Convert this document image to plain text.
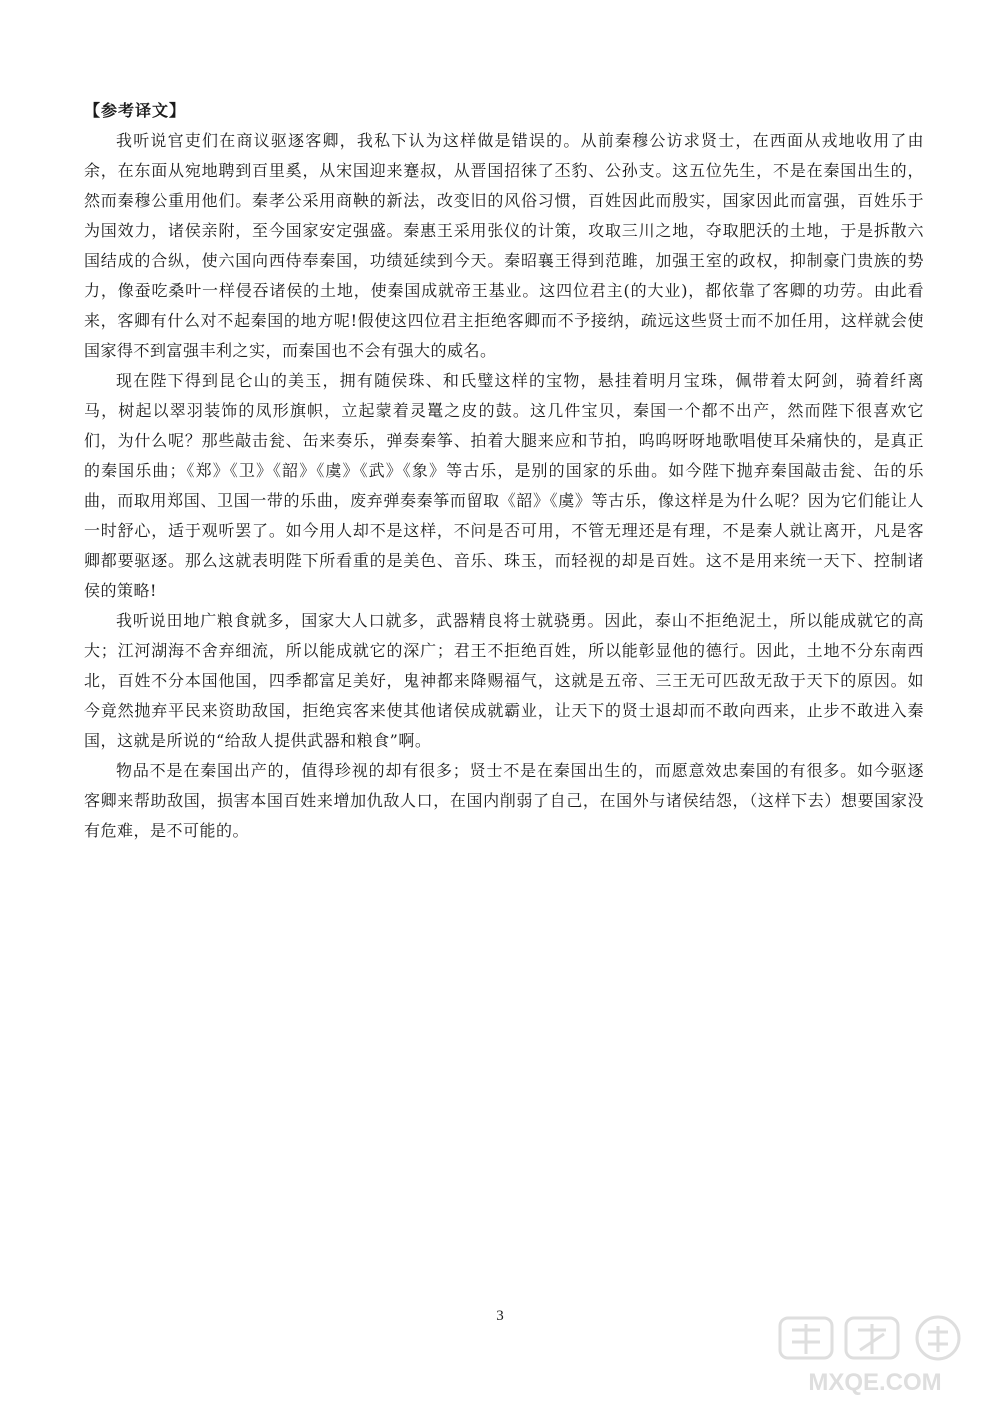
【参考译文】

我听说官吏们在商议驱逐客卿，我私下认为这样做是错误的。从前秦穆公访求贤士，在西面从戎地收用了由余，在东面从宛地聘到百里奚，从宋国迎来蹇叔，从晋国招徕了丕豹、公孙支。这五位先生，不是在秦国出生的，然而秦穆公重用他们。秦孝公采用商鞅的新法，改变旧的风俗习惯，百姓因此而殷实，国家因此而富强，百姓乐于为国效力，诸侯亲附，至今国家安定强盛。秦惠王采用张仪的计策，攻取三川之地，夺取肥沃的土地，于是拆散六国结成的合纵，使六国向西侍奉秦国，功绩延续到今天。秦昭襄王得到范雎，加强王室的政权，抑制豪门贵族的势力，像蚕吃桑叶一样侵吞诸侯的土地，使秦国成就帝王基业。这四位君主(的大业)，都依靠了客卿的功劳。由此看来，客卿有什么对不起秦国的地方呢!假使这四位君主拒绝客卿而不予接纳，疏远这些贤士而不加任用，这样就会使国家得不到富强丰利之实，而秦国也不会有强大的威名。

现在陛下得到昆仑山的美玉，拥有随侯珠、和氏璧这样的宝物，悬挂着明月宝珠，佩带着太阿剑，骑着纤离马，树起以翠羽装饰的凤形旗帜，立起蒙着灵鼍之皮的鼓。这几件宝贝，秦国一个都不出产，然而陛下很喜欢它们，为什么呢？那些敲击瓮、缶来奏乐，弹奏秦筝、拍着大腿来应和节拍，呜呜呀呀地歌唱使耳朵痛快的，是真正的秦国乐曲；《郑》《卫》《韶》《虞》《武》《象》等古乐，是别的国家的乐曲。如今陛下抛弃秦国敲击瓮、缶的乐曲，而取用郑国、卫国一带的乐曲，废弃弹奏秦筝而留取《韶》《虞》等古乐，像这样是为什么呢？因为它们能让人一时舒心，适于观听罢了。如今用人却不是这样，不问是否可用，不管无理还是有理，不是秦人就让离开，凡是客卿都要驱逐。那么这就表明陛下所看重的是美色、音乐、珠玉，而轻视的却是百姓。这不是用来统一天下、控制诸侯的策略!

我听说田地广粮食就多，国家大人口就多，武器精良将士就骁勇。因此，泰山不拒绝泥土，所以能成就它的高大；江河湖海不舍弃细流，所以能成就它的深广；君王不拒绝百姓，所以能彰显他的德行。因此，土地不分东南西北，百姓不分本国他国，四季都富足美好，鬼神都来降赐福气，这就是五帝、三王无可匹敌无敌于天下的原因。如今竟然抛弃平民来资助敌国，拒绝宾客来使其他诸侯成就霸业，让天下的贤士退却而不敢向西来，止步不敢进入秦国，这就是所说的“给敌人提供武器和粮食”啊。

物品不是在秦国出产的，值得珍视的却有很多；贤士不是在秦国出生的，而愿意效忠秦国的有很多。如今驱逐客卿来帮助敌国，损害本国百姓来增加仇敌人口，在国内削弱了自己，在国外与诸侯结怨，（这样下去）想要国家没有危难，是不可能的。

3
MXQE.COM
